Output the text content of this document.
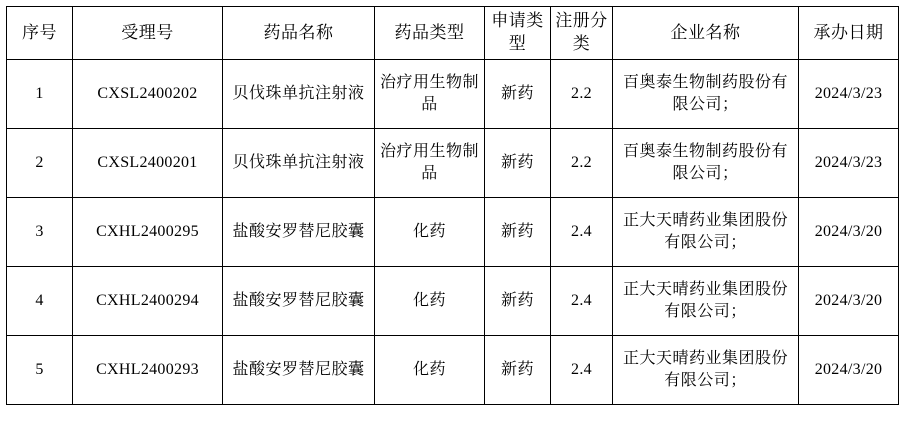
序号	受理号	药品名称	药品类型	申请类型	注册分类	企业名称	承办日期
1	CXSL2400202	贝伐珠单抗注射液	治疗用生物制品	新药	2.2	百奥泰生物制药股份有限公司；	2024/3/23
2	CXSL2400201	贝伐珠单抗注射液	治疗用生物制品	新药	2.2	百奥泰生物制药股份有限公司；	2024/3/23
3	CXHL2400295	盐酸安罗替尼胶囊	化药	新药	2.4	正大天晴药业集团股份有限公司；	2024/3/20
4	CXHL2400294	盐酸安罗替尼胶囊	化药	新药	2.4	正大天晴药业集团股份有限公司；	2024/3/20
5	CXHL2400293	盐酸安罗替尼胶囊	化药	新药	2.4	正大天晴药业集团股份有限公司；	2024/3/20
